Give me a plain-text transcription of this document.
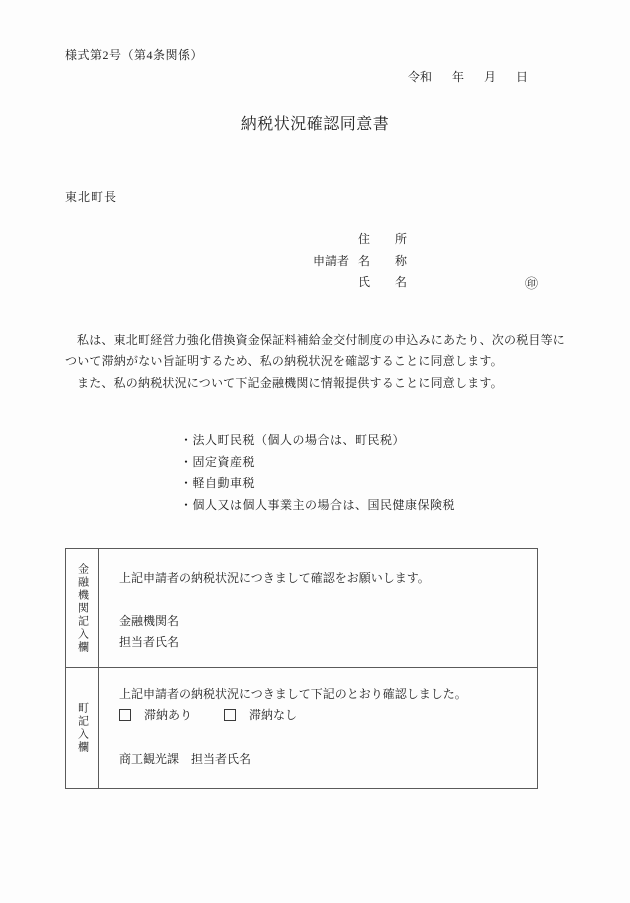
様式第2号（第4条関係）
令和 年 月 日
納税状況確認同意書
東北町長
住 所
申請者 名 称
氏 名	㊞

私は、東北町経営力強化借換資金保証料補給金交付制度の申込みにあたり、次の税目等について滞納がない旨証明するため、私の納税状況を確認することに同意します。

また、私の納税状況について下記金融機関に情報提供することに同意します。

・法人町民税（個人の場合は、町民税）
・固定資産税
・軽自動車税
・個人又は個人事業主の場合は、国民健康保険税
金融機関記入欄	上記申請者の納税状況につきまして確認をお願いします。
金融機関名
担当者氏名
町記入欄
上記申請者の納税状況につきまして下記のとおり確認しました。
滞納あり	滞納なし
商工観光課　担当者氏名
